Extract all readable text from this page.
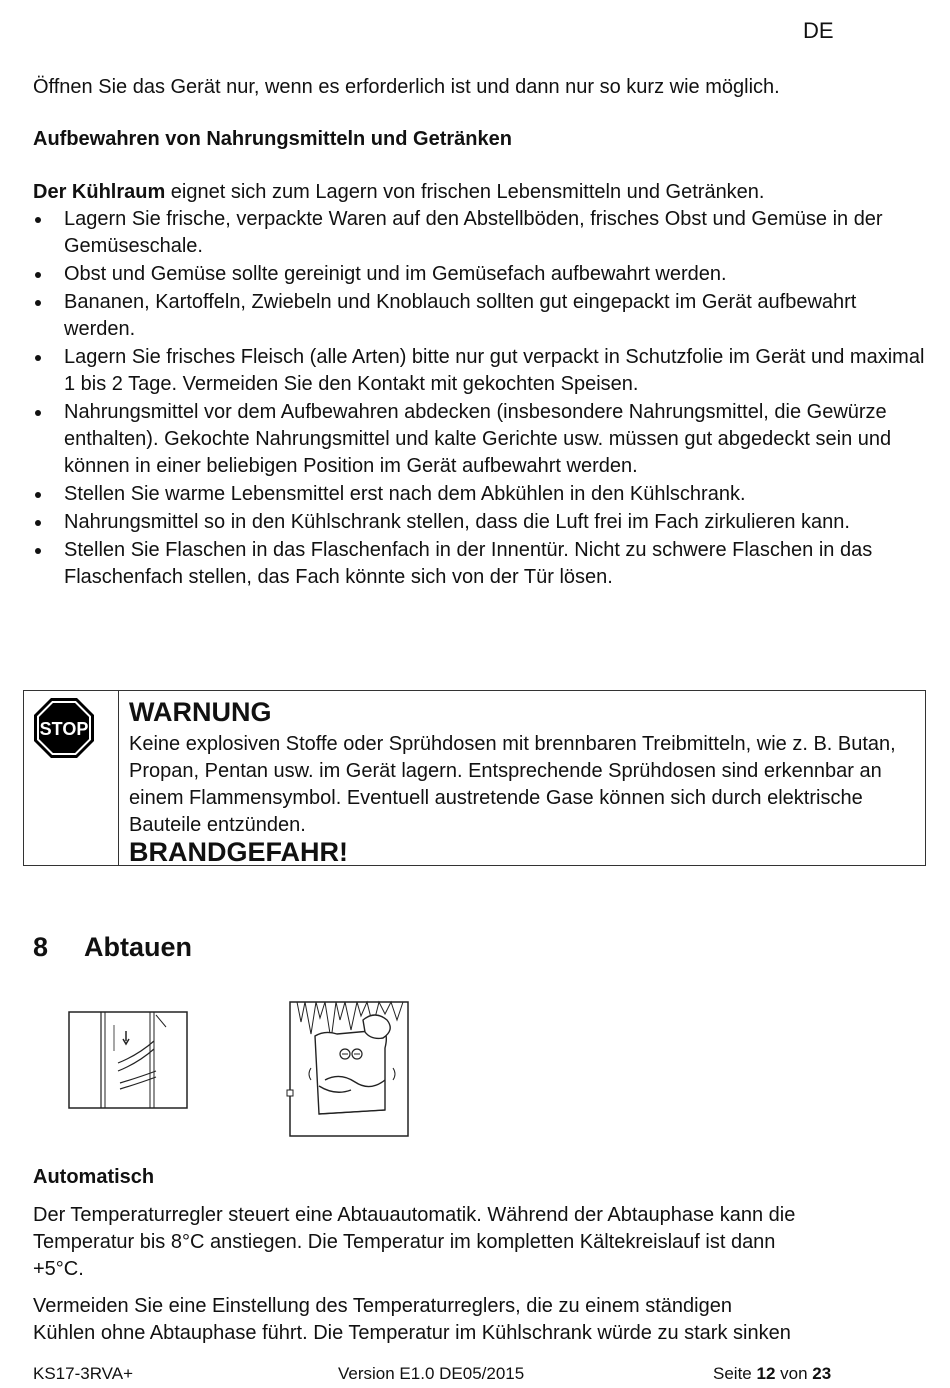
DE

Öffnen Sie das Gerät nur, wenn es erforderlich ist und dann nur so kurz wie möglich.

Aufbewahren von Nahrungsmitteln und Getränken

Der Kühlraum eignet sich zum Lagern von frischen Lebensmitteln und Getränken.

Lagern Sie frische, verpackte Waren auf den Abstellböden, frisches Obst und Gemüse in der Gemüseschale.
Obst und Gemüse sollte gereinigt und im Gemüsefach aufbewahrt werden.
Bananen, Kartoffeln, Zwiebeln und Knoblauch sollten gut eingepackt im Gerät aufbewahrt werden.
Lagern Sie frisches Fleisch (alle Arten) bitte nur gut verpackt in Schutzfolie im Gerät und maximal 1 bis 2 Tage. Vermeiden Sie den Kontakt mit gekochten Speisen.
Nahrungsmittel vor dem Aufbewahren abdecken (insbesondere Nahrungsmittel, die Gewürze enthalten). Gekochte Nahrungsmittel und kalte Gerichte usw. müssen gut abgedeckt sein und können in einer beliebigen Position im Gerät aufbewahrt werden.
Stellen Sie warme Lebensmittel erst nach dem Abkühlen in den Kühlschrank.
Nahrungsmittel so in den Kühlschrank stellen, dass die Luft frei im Fach zirkulieren kann.
Stellen Sie Flaschen in das Flaschenfach in der Innentür. Nicht zu schwere Flaschen in das Flaschenfach stellen, das Fach könnte sich von der Tür lösen.
STOP
WARNUNG
Keine explosiven Stoffe oder Sprühdosen mit brennbaren Treibmitteln, wie z. B. Butan, Propan, Pentan usw. im Gerät lagern. Entsprechende Sprühdosen sind erkennbar an einem Flammensymbol. Eventuell austretende Gase können sich durch elektrische Bauteile entzünden.
BRANDGEFAHR!
8 Abtauen
Automatisch

Der Temperaturregler steuert eine Abtauautomatik. Während der Abtauphase kann die

Temperatur bis 8°C anstiegen. Die Temperatur im kompletten Kältekreislauf ist dann

+5°C.

Vermeiden Sie eine Einstellung des Temperaturreglers, die zu einem ständigen

Kühlen ohne Abtauphase führt. Die Temperatur im Kühlschrank würde zu stark sinken

KS17-3RVA+	Version E1.0 DE05/2015	Seite 12 von 23
